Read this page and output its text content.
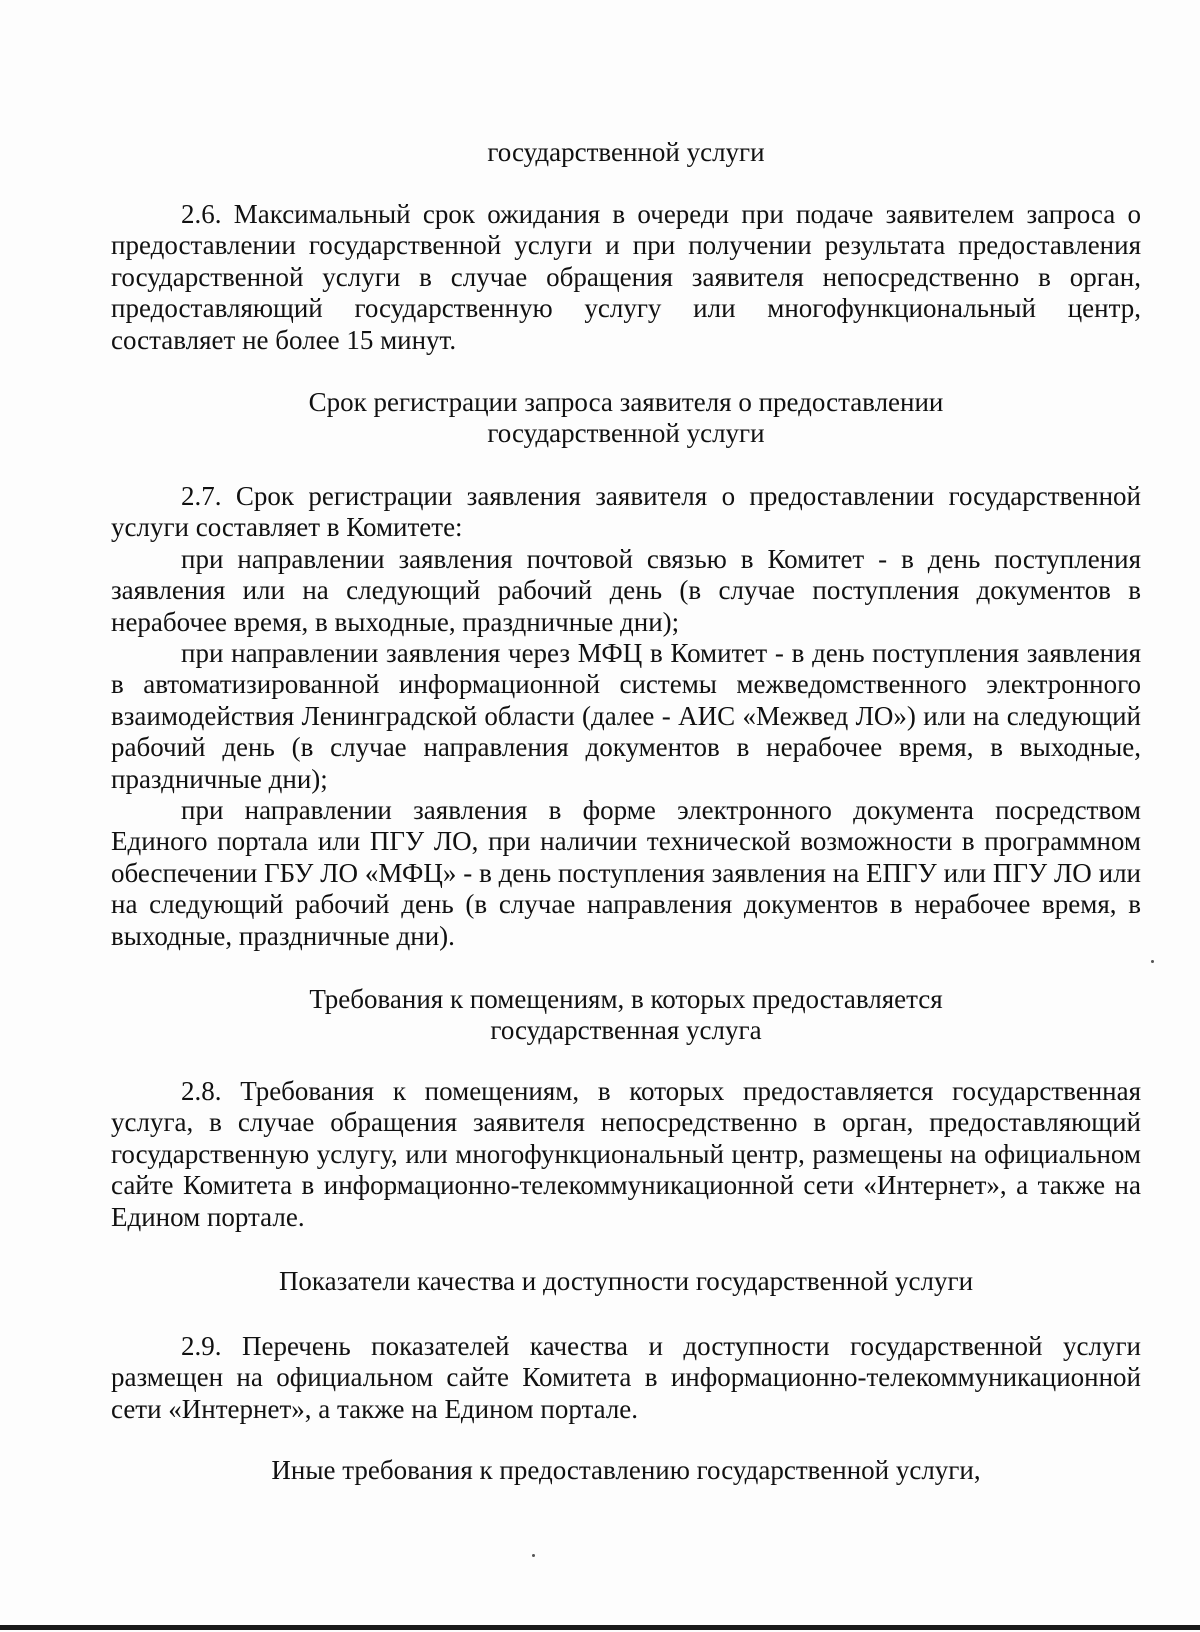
государственной услуги
2.6. Максимальный срок ожидания в очереди при подаче заявителем запроса о предоставлении государственной услуги и при получении результата предоставления государственной услуги в случае обращения заявителя непосредственно в орган, предоставляющий государственную услугу или многофункциональный центр, составляет не более 15 минут.
Срок регистрации запроса заявителя о предоставлении
государственной услуги
2.7. Срок регистрации заявления заявителя о предоставлении государственной услуги составляет в Комитете:
при направлении заявления почтовой связью в Комитет - в день поступления заявления или на следующий рабочий день (в случае поступления документов в нерабочее время, в выходные, праздничные дни);
при направлении заявления через МФЦ в Комитет - в день поступления заявления в автоматизированной информационной системы межведомственного электронного взаимодействия Ленинградской области (далее - АИС «Межвед ЛО») или на следующий рабочий день (в случае направления документов в нерабочее время, в выходные, праздничные дни);
при направлении заявления в форме электронного документа посредством Единого портала или ПГУ ЛО, при наличии технической возможности в программном обеспечении ГБУ ЛО «МФЦ» - в день поступления заявления на ЕПГУ или ПГУ ЛО или на следующий рабочий день (в случае направления документов в нерабочее время, в выходные, праздничные дни).
Требования к помещениям, в которых предоставляется
государственная услуга
2.8. Требования к помещениям, в которых предоставляется государственная услуга, в случае обращения заявителя непосредственно в орган, предоставляющий государственную услугу, или многофункциональный центр, размещены на официальном сайте Комитета в информационно-телекоммуникационной сети «Интернет», а также на Едином портале.
Показатели качества и доступности государственной услуги
2.9. Перечень показателей качества и доступности государственной услуги размещен на официальном сайте Комитета в информационно-телекоммуникационной сети «Интернет», а также на Едином портале.
Иные требования к предоставлению государственной услуги,
